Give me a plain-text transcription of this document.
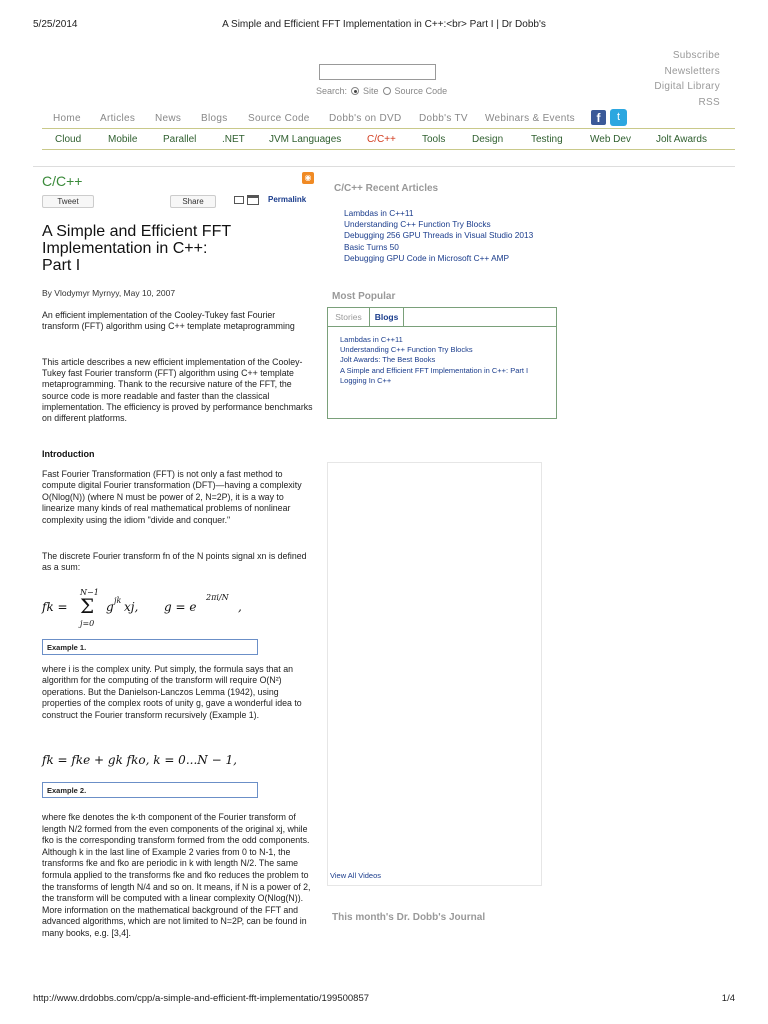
5/25/2014	A Simple and Efficient FFT Implementation in C++:<br> Part I | Dr Dobb's
http://www.drdobbs.com/cpp/a-simple-and-efficient-fft-implementatio/199500857	1/4
Search: Site Source Code
Subscribe
Newsletters
Digital Library
RSS
Home Articles News Blogs Source Code Dobb's on DVD Dobb's TV Webinars & Events	f	t
Cloud	Mobile	Parallel	.NET JVM Languages	C/C++	Tools	Design	Testing	Web Dev	Jolt Awards
C/C++	◉
Tweet	Share	Permalink
A Simple and Efficient FFT
Implementation in C++:
Part I
By Vlodymyr Myrnyy, May 10, 2007
An efficient implementation of the Cooley-Tukey fast Fourier transform (FFT) algorithm using C++ template metaprogramming
This article describes a new efficient implementation of the Cooley-Tukey fast Fourier transform (FFT) algorithm using C++ template metaprogramming. Thank to the recursive nature of the FFT, the source code is more readable and faster than the classical implementation. The efficiency is proved by performance benchmarks on different platforms.
Introduction
Fast Fourier Transformation (FFT) is not only a fast method to compute digital Fourier transformation (DFT)—having a complexity O(Nlog(N)) (where N must be power of 2, N=2P), it is a way to linearize many kinds of real mathematical problems of nonlinear complexity using the idiom "divide and conquer."
The discrete Fourier transform fn of the N points signal xn is defined as a sum:
fk =
N−1
Σ
j=0
g jk xj, g = e
2πi/N
,
Example 1.
where i is the complex unity. Put simply, the formula says that an algorithm for the computing of the transform will require O(N²) operations. But the Danielson-Lanczos Lemma (1942), using properties of the complex roots of unity g, gave a wonderful idea to construct the Fourier transform recursively (Example 1).
fk = fke + gk fko, k = 0...N − 1,
Example 2.
where fke denotes the k-th component of the Fourier transform of length N/2 formed from the even components of the original xj, while fko is the corresponding transform formed from the odd components. Although k in the last line of Example 2 varies from 0 to N-1, the transforms fke and fko are periodic in k with length N/2. The same formula applied to the transforms fke and fko reduces the problem to the transforms of length N/4 and so on. It means, if N is a power of 2, the transform will be computed with a linear complexity O(Nlog(N)). More information on the mathematical background of the FFT and advanced algorithms, which are not limited to N=2P, can be found in many books, e.g. [3,4].
C/C++ Recent Articles
Lambdas in C++11
Understanding C++ Function Try Blocks
Debugging 256 GPU Threads in Visual Studio 2013
Basic Turns 50
Debugging GPU Code in Microsoft C++ AMP
Most Popular
Stories	Blogs
Lambdas in C++11
Understanding C++ Function Try Blocks
Jolt Awards: The Best Books
A Simple and Efficient FFT Implementation in C++: Part I
Logging In C++
View All Videos
This month's Dr. Dobb's Journal
